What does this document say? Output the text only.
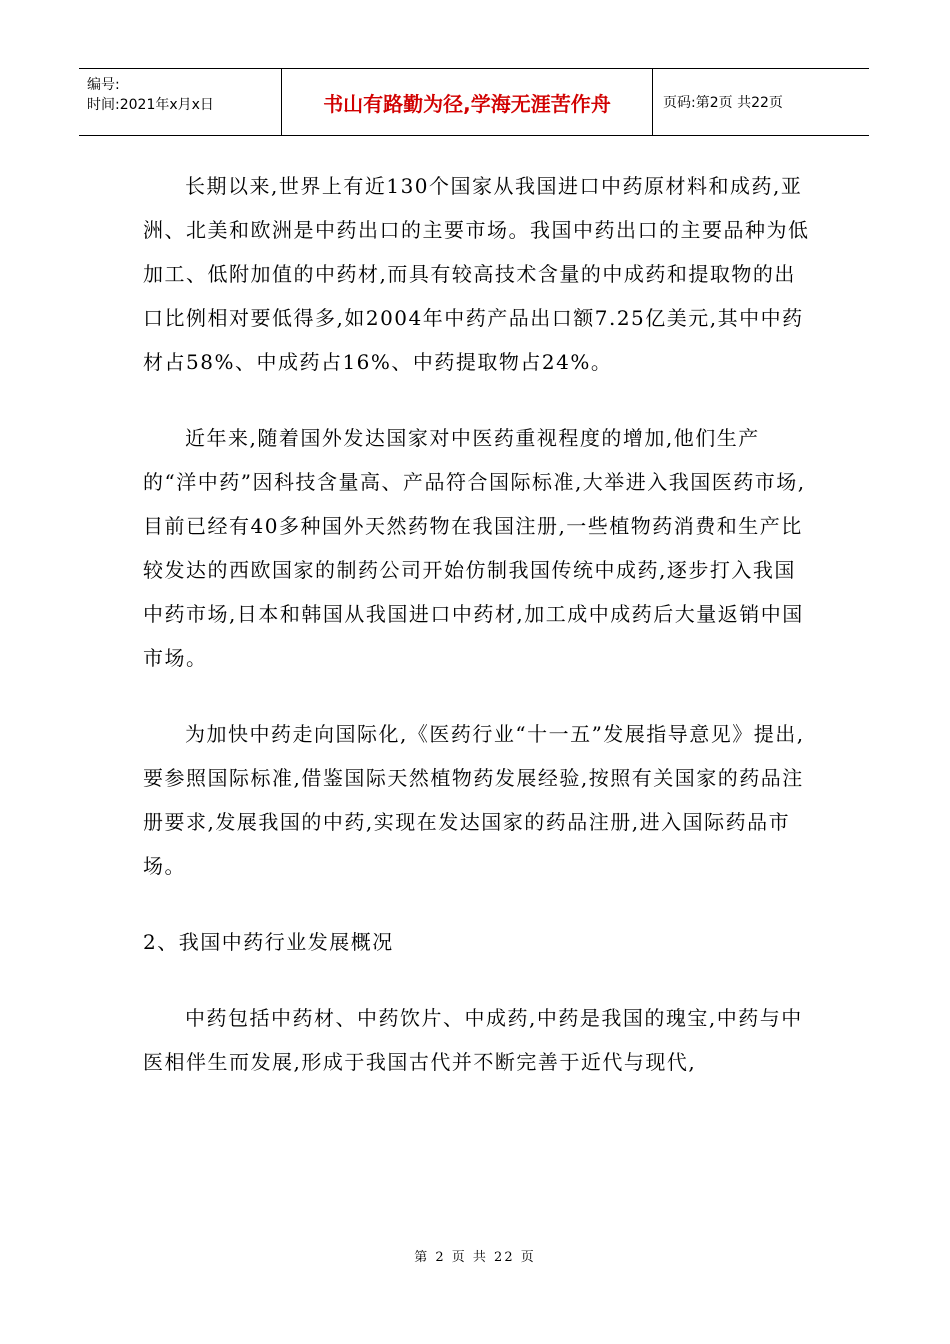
编号:
时间:2021年x月x日	书山有路勤为径,学海无涯苦作舟	页码:第2页 共22页

长期以来,世界上有近130个国家从我国进口中药原材料和成药,亚洲、北美和欧洲是中药出口的主要市场。我国中药出口的主要品种为低加工、低附加值的中药材,而具有较高技术含量的中成药和提取物的出口比例相对要低得多,如2004年中药产品出口额7.25亿美元,其中中药材占58%、中成药占16%、中药提取物占24%。

近年来,随着国外发达国家对中医药重视程度的增加,他们生产的“洋中药”因科技含量高、产品符合国际标准,大举进入我国医药市场,目前已经有40多种国外天然药物在我国注册,一些植物药消费和生产比较发达的西欧国家的制药公司开始仿制我国传统中成药,逐步打入我国中药市场,日本和韩国从我国进口中药材,加工成中成药后大量返销中国市场。

为加快中药走向国际化,《医药行业“十一五”发展指导意见》提出,要参照国际标准,借鉴国际天然植物药发展经验,按照有关国家的药品注册要求,发展我国的中药,实现在发达国家的药品注册,进入国际药品市场。

2、我国中药行业发展概况

中药包括中药材、中药饮片、中成药,中药是我国的瑰宝,中药与中医相伴生而发展,形成于我国古代并不断完善于近代与现代,

第 2 页 共 22 页
